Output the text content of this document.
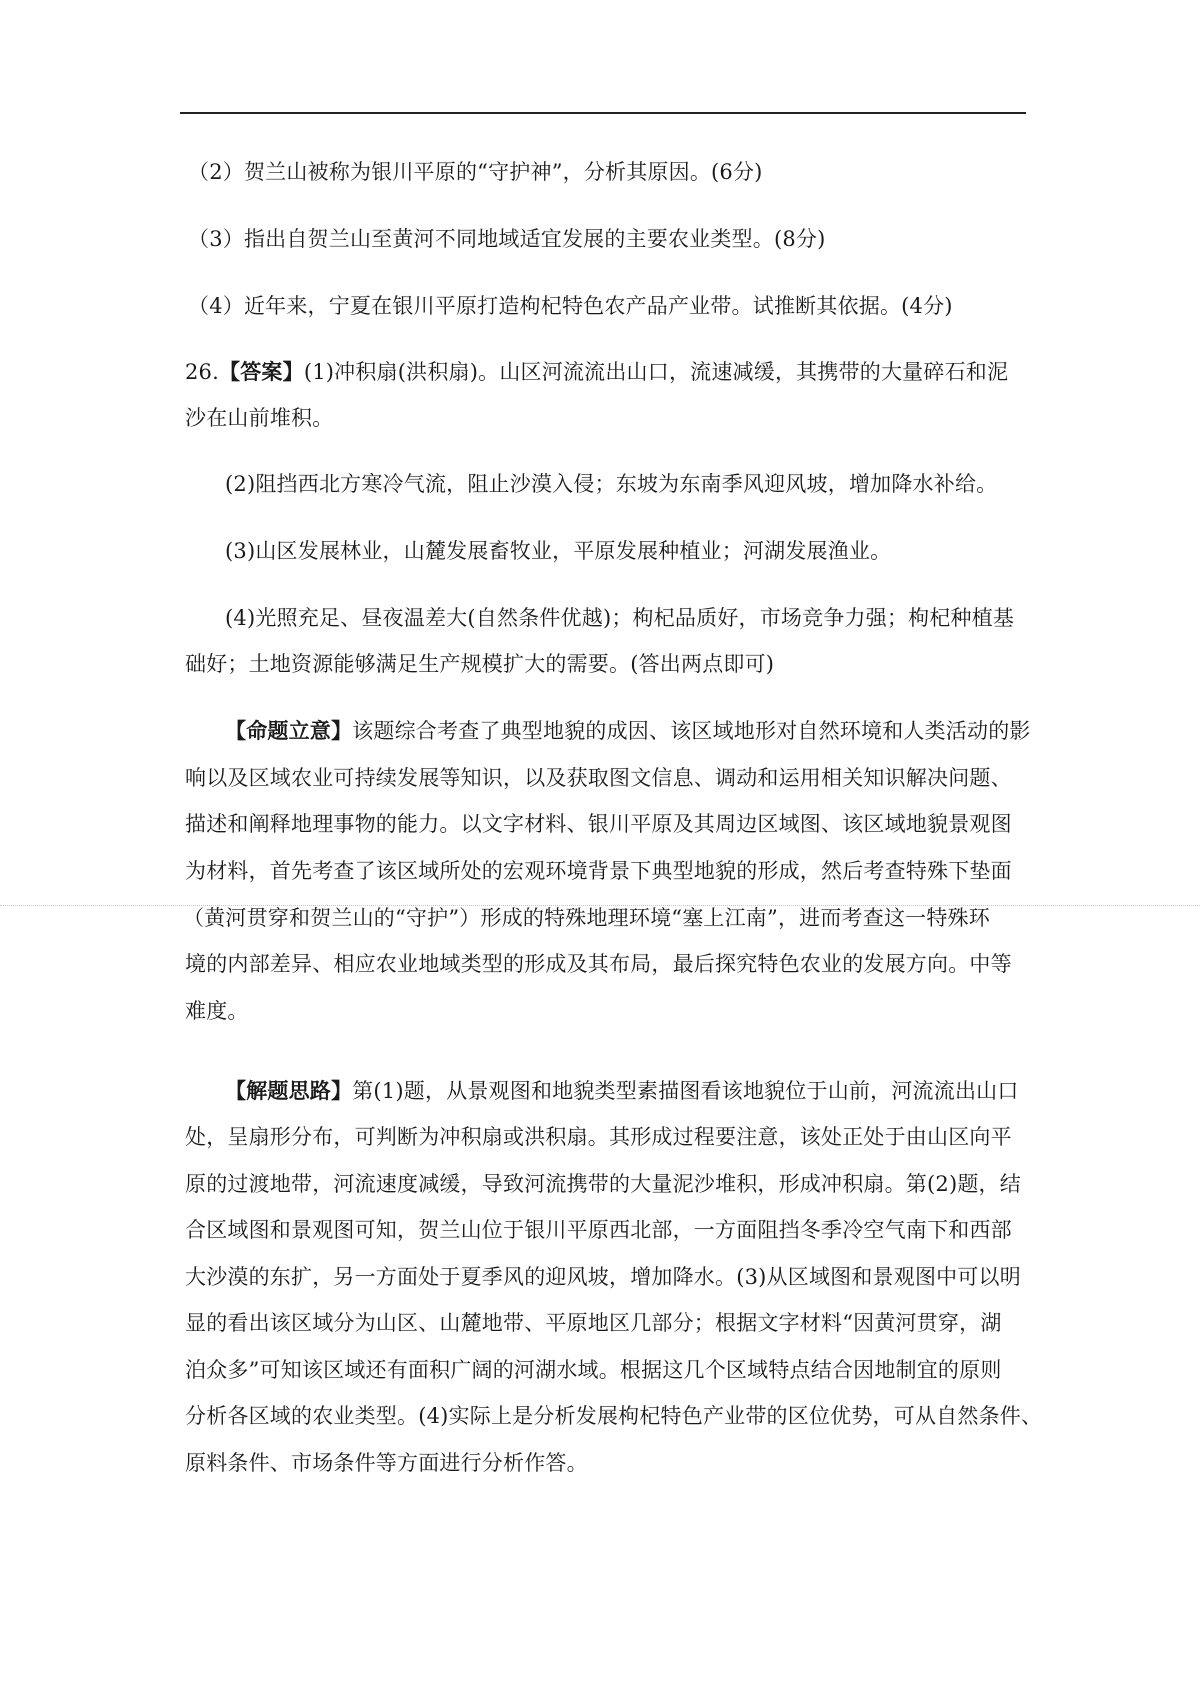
（2）贺兰山被称为银川平原的“守护神”，分析其原因。(6分)
（3）指出自贺兰山至黄河不同地域适宜发展的主要农业类型。(8分)
（4）近年来，宁夏在银川平原打造枸杞特色农产品产业带。试推断其依据。(4分)
26.【答案】(1)冲积扇(洪积扇)。山区河流流出山口，流速减缓，其携带的大量碎石和泥
沙在山前堆积。
(2)阻挡西北方寒冷气流，阻止沙漠入侵；东坡为东南季风迎风坡，增加降水补给。
(3)山区发展林业，山麓发展畜牧业，平原发展种植业；河湖发展渔业。
(4)光照充足、昼夜温差大(自然条件优越)；枸杞品质好，市场竞争力强；枸杞种植基
础好；土地资源能够满足生产规模扩大的需要。(答出两点即可)
【命题立意】该题综合考查了典型地貌的成因、该区域地形对自然环境和人类活动的影
响以及区域农业可持续发展等知识，以及获取图文信息、调动和运用相关知识解决问题、
描述和阐释地理事物的能力。以文字材料、银川平原及其周边区域图、该区域地貌景观图
为材料，首先考查了该区域所处的宏观环境背景下典型地貌的形成，然后考查特殊下垫面
（黄河贯穿和贺兰山的“守护”）形成的特殊地理环境“塞上江南”，进而考查这一特殊环
境的内部差异、相应农业地域类型的形成及其布局，最后探究特色农业的发展方向。中等
难度。
【解题思路】第(1)题，从景观图和地貌类型素描图看该地貌位于山前，河流流出山口
处，呈扇形分布，可判断为冲积扇或洪积扇。其形成过程要注意，该处正处于由山区向平
原的过渡地带，河流速度减缓，导致河流携带的大量泥沙堆积，形成冲积扇。第(2)题，结
合区域图和景观图可知，贺兰山位于银川平原西北部，一方面阻挡冬季冷空气南下和西部
大沙漠的东扩，另一方面处于夏季风的迎风坡，增加降水。(3)从区域图和景观图中可以明
显的看出该区域分为山区、山麓地带、平原地区几部分；根据文字材料“因黄河贯穿，湖
泊众多”可知该区域还有面积广阔的河湖水域。根据这几个区域特点结合因地制宜的原则
分析各区域的农业类型。(4)实际上是分析发展枸杞特色产业带的区位优势，可从自然条件、
原料条件、市场条件等方面进行分析作答。
